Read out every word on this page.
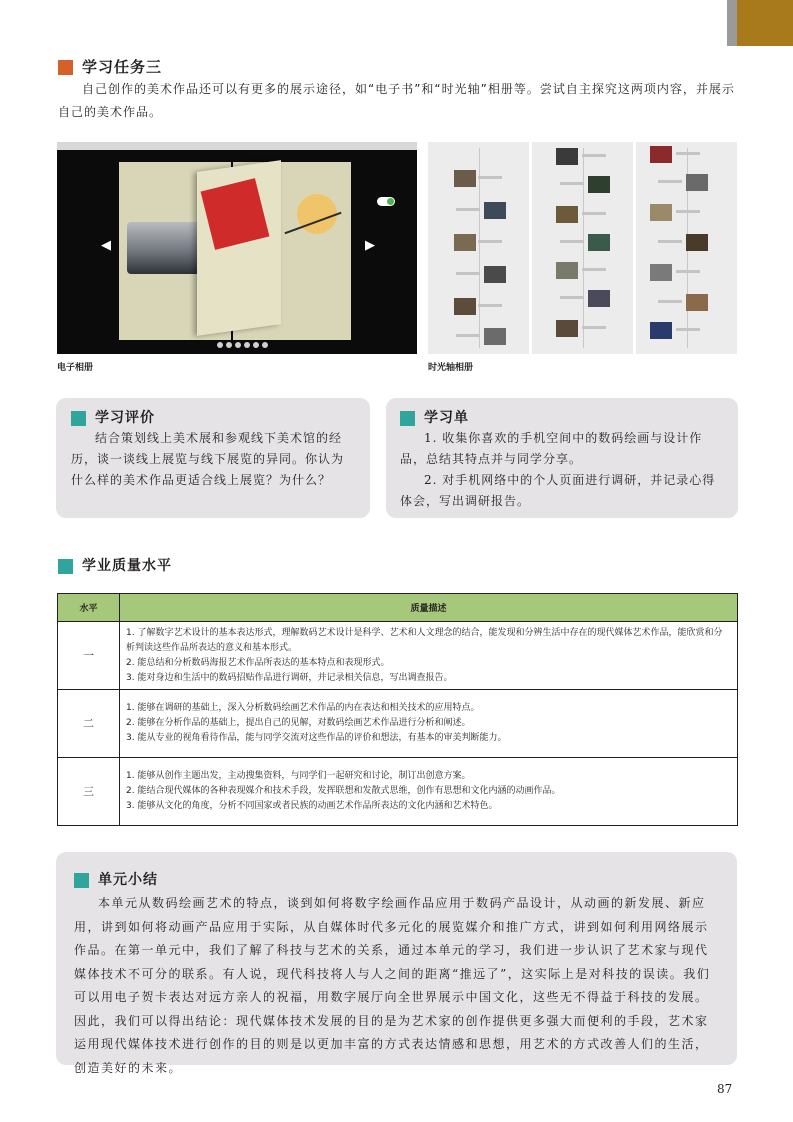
学习任务三

自己创作的美术作品还可以有更多的展示途径，如“电子书”和“时光轴”相册等。尝试自主探究这两项内容，并展示自己的美术作品。

◀	▶
电子相册	时光轴相册
学习评价

结合策划线上美术展和参观线下美术馆的经历，谈一谈线上展览与线下展览的异同。你认为什么样的美术作品更适合线上展览？为什么？

学习单

1. 收集你喜欢的手机空间中的数码绘画与设计作品，总结其特点并与同学分享。

2. 对手机网络中的个人页面进行调研，并记录心得体会，写出调研报告。

学业质量水平
水平	质量描述
一	1. 了解数字艺术设计的基本表达形式，理解数码艺术设计是科学、艺术和人文理念的结合，能发现和分辨生活中存在的现代媒体艺术作品，能欣赏和分析判读这些作品所表达的意义和基本形式。
2. 能总结和分析数码海报艺术作品所表达的基本特点和表现形式。
3. 能对身边和生活中的数码招贴作品进行调研，并记录相关信息，写出调查报告。

二	1. 能够在调研的基础上，深入分析数码绘画艺术作品的内在表达和相关技术的应用特点。
2. 能够在分析作品的基础上，提出自己的见解，对数码绘画艺术作品进行分析和阐述。
3. 能从专业的视角看待作品，能与同学交流对这些作品的评价和想法，有基本的审美判断能力。

三	1. 能够从创作主题出发，主动搜集资料，与同学们一起研究和讨论，制订出创意方案。
2. 能结合现代媒体的各种表现媒介和技术手段，发挥联想和发散式思维，创作有思想和文化内涵的动画作品。
3. 能够从文化的角度，分析不同国家或者民族的动画艺术作品所表达的文化内涵和艺术特色。
单元小结

本单元从数码绘画艺术的特点，谈到如何将数字绘画作品应用于数码产品设计，从动画的新发展、新应用，讲到如何将动画产品应用于实际，从自媒体时代多元化的展览媒介和推广方式，讲到如何利用网络展示作品。在第一单元中，我们了解了科技与艺术的关系，通过本单元的学习，我们进一步认识了艺术家与现代媒体技术不可分的联系。有人说，现代科技将人与人之间的距离“推远了”，这实际上是对科技的误读。我们可以用电子贺卡表达对远方亲人的祝福，用数字展厅向全世界展示中国文化，这些无不得益于科技的发展。因此，我们可以得出结论：现代媒体技术发展的目的是为艺术家的创作提供更多强大而便利的手段，艺术家运用现代媒体技术进行创作的目的则是以更加丰富的方式表达情感和思想，用艺术的方式改善人们的生活，创造美好的未来。

87
